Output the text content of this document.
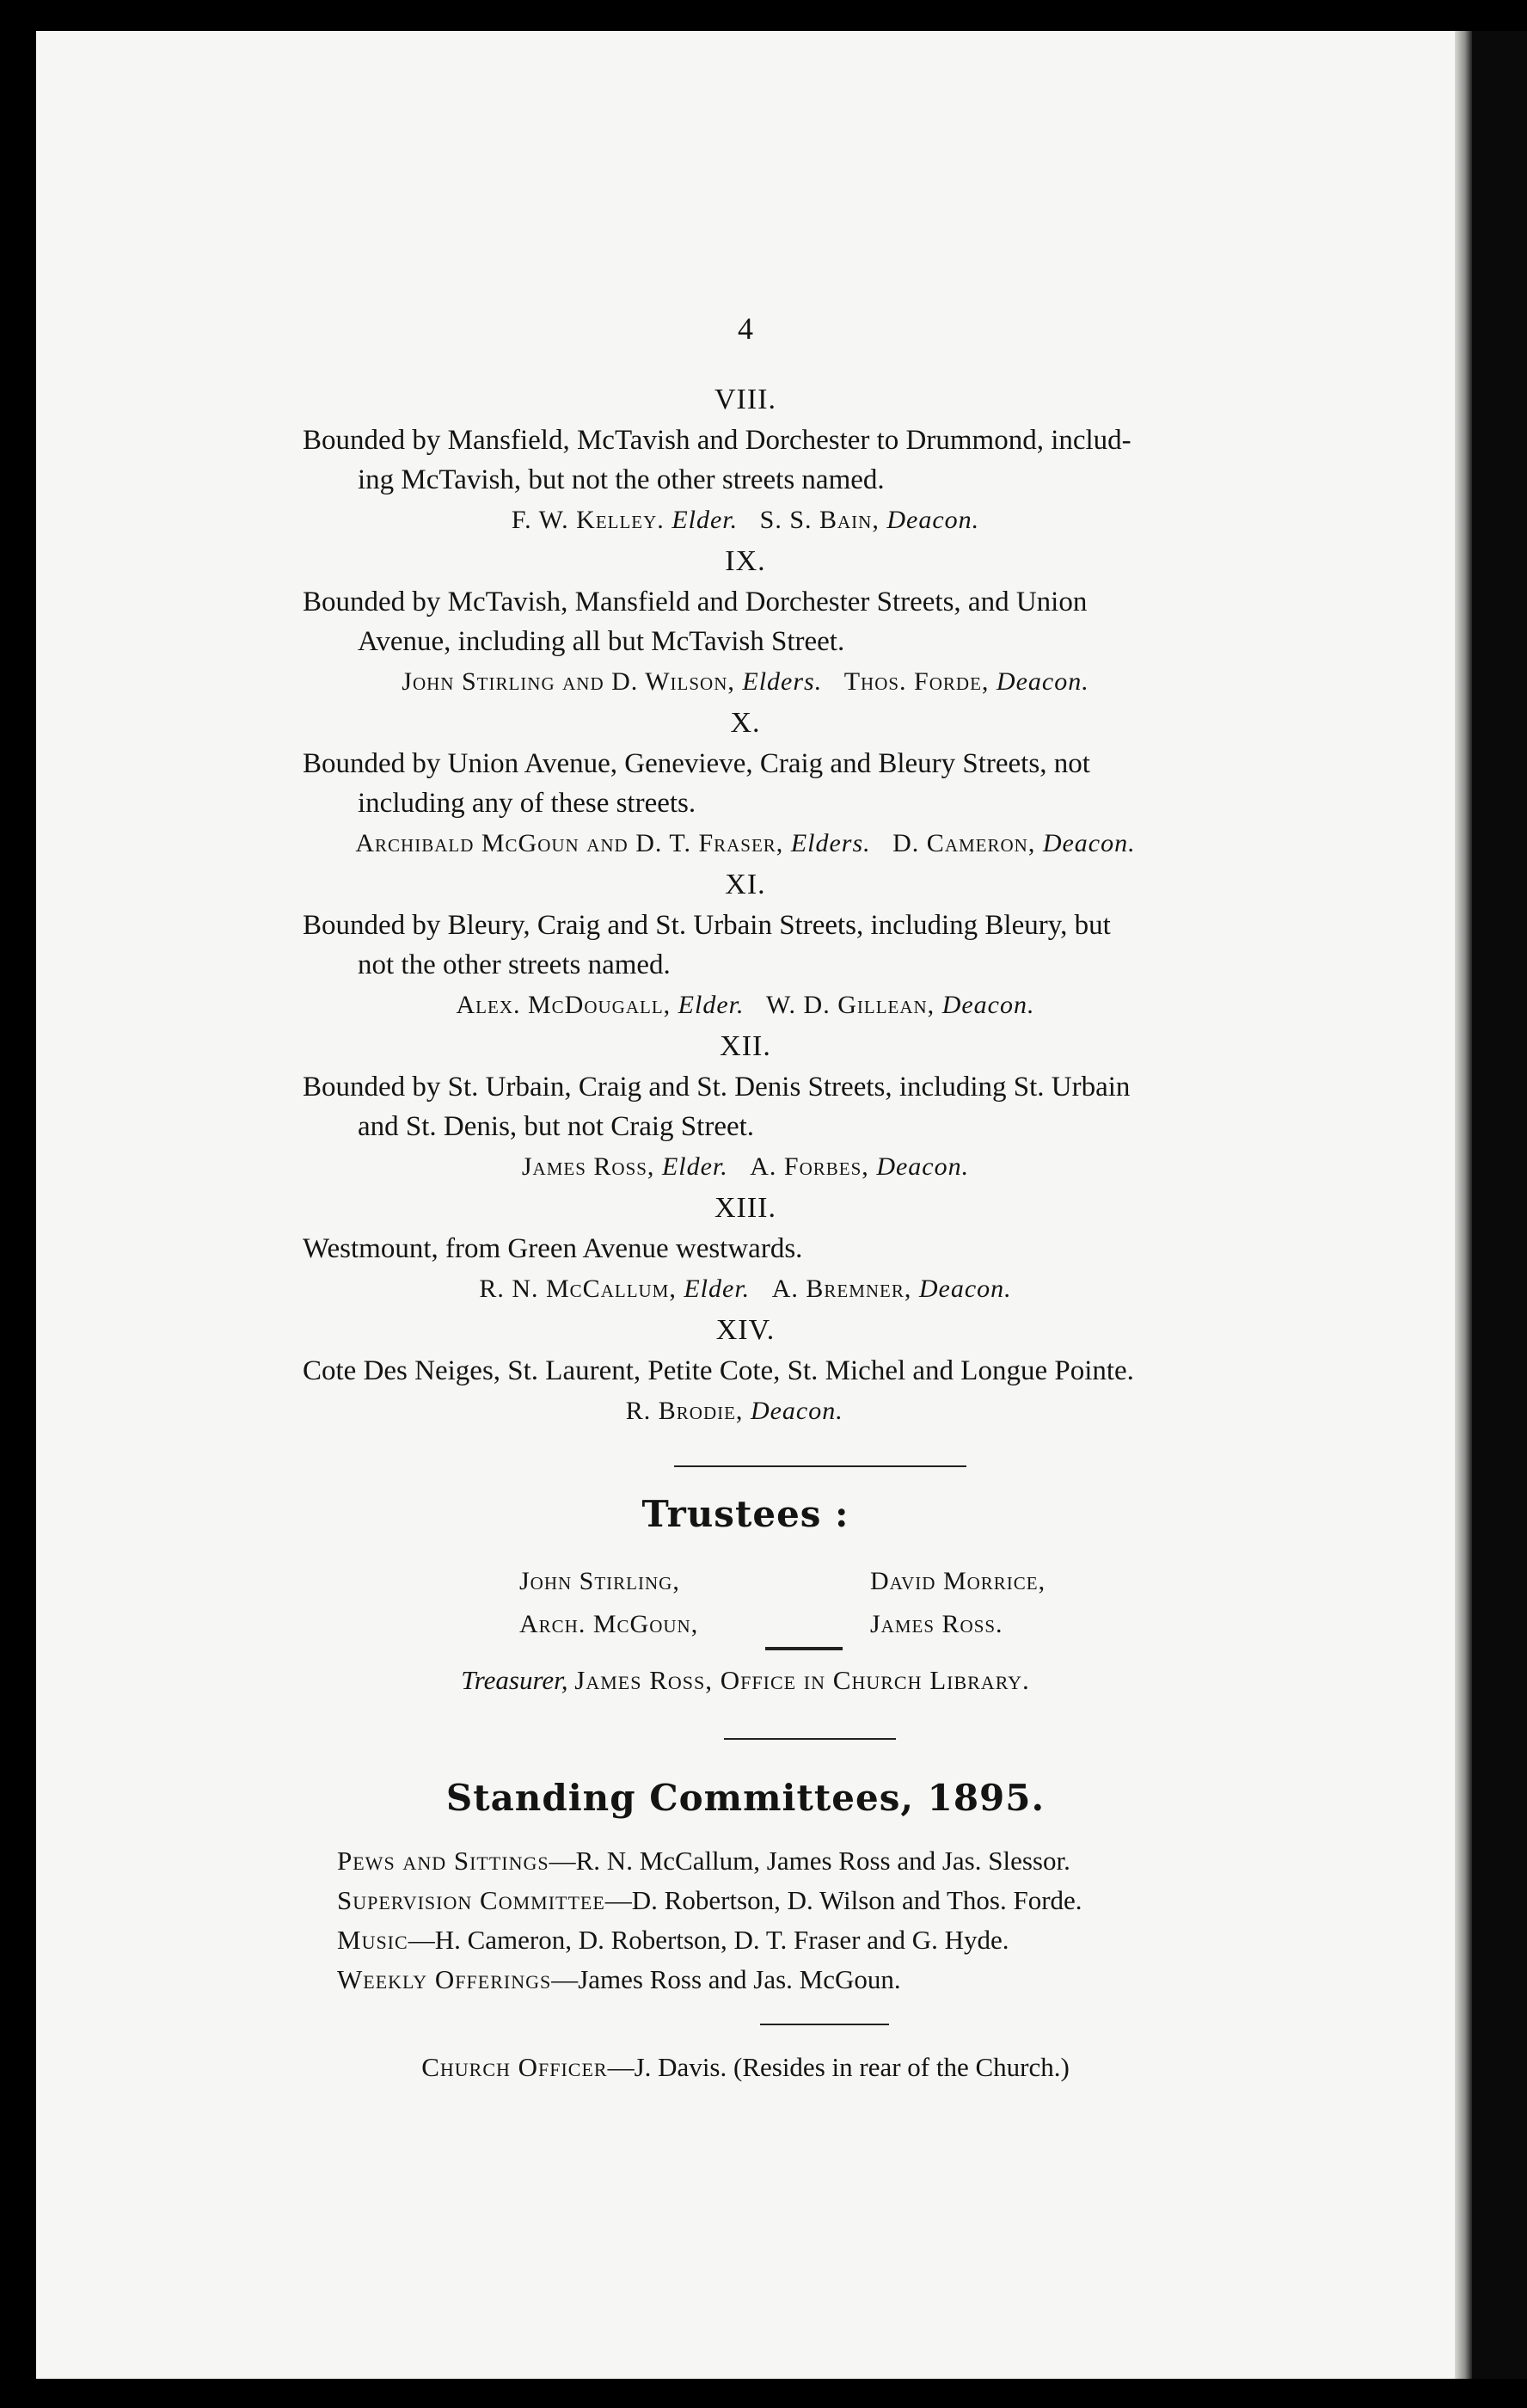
4
VIII.
Bounded by Mansfield, McTavish and Dorchester to Drummond, includ-
ing McTavish, but not the other streets named.
F. W. Kelley. Elder. S. S. Bain, Deacon.
IX.
Bounded by McTavish, Mansfield and Dorchester Streets, and Union
Avenue, including all but McTavish Street.
John Stirling and D. Wilson, Elders. Thos. Forde, Deacon.
X.
Bounded by Union Avenue, Genevieve, Craig and Bleury Streets, not
including any of these streets.
Archibald McGoun and D. T. Fraser, Elders. D. Cameron, Deacon.
XI.
Bounded by Bleury, Craig and St. Urbain Streets, including Bleury, but
not the other streets named.
Alex. McDougall, Elder. W. D. Gillean, Deacon.
XII.
Bounded by St. Urbain, Craig and St. Denis Streets, including St. Urbain
and St. Denis, but not Craig Street.
James Ross, Elder. A. Forbes, Deacon.
XIII.
Westmount, from Green Avenue westwards.
R. N. McCallum, Elder. A. Bremner, Deacon.
XIV.
Cote Des Neiges, St. Laurent, Petite Cote, St. Michel and Longue Pointe.
R. Brodie, Deacon.
Trustees :
John Stirling,
Arch. McGoun,
David Morrice,
James Ross.
Treasurer, James Ross, Office in Church Library.
Standing Committees, 1895.
Pews and Sittings—R. N. McCallum, James Ross and Jas. Slessor.
Supervision Committee—D. Robertson, D. Wilson and Thos. Forde.
Music—H. Cameron, D. Robertson, D. T. Fraser and G. Hyde.
Weekly Offerings—James Ross and Jas. McGoun.
Church Officer—J. Davis. (Resides in rear of the Church.)
